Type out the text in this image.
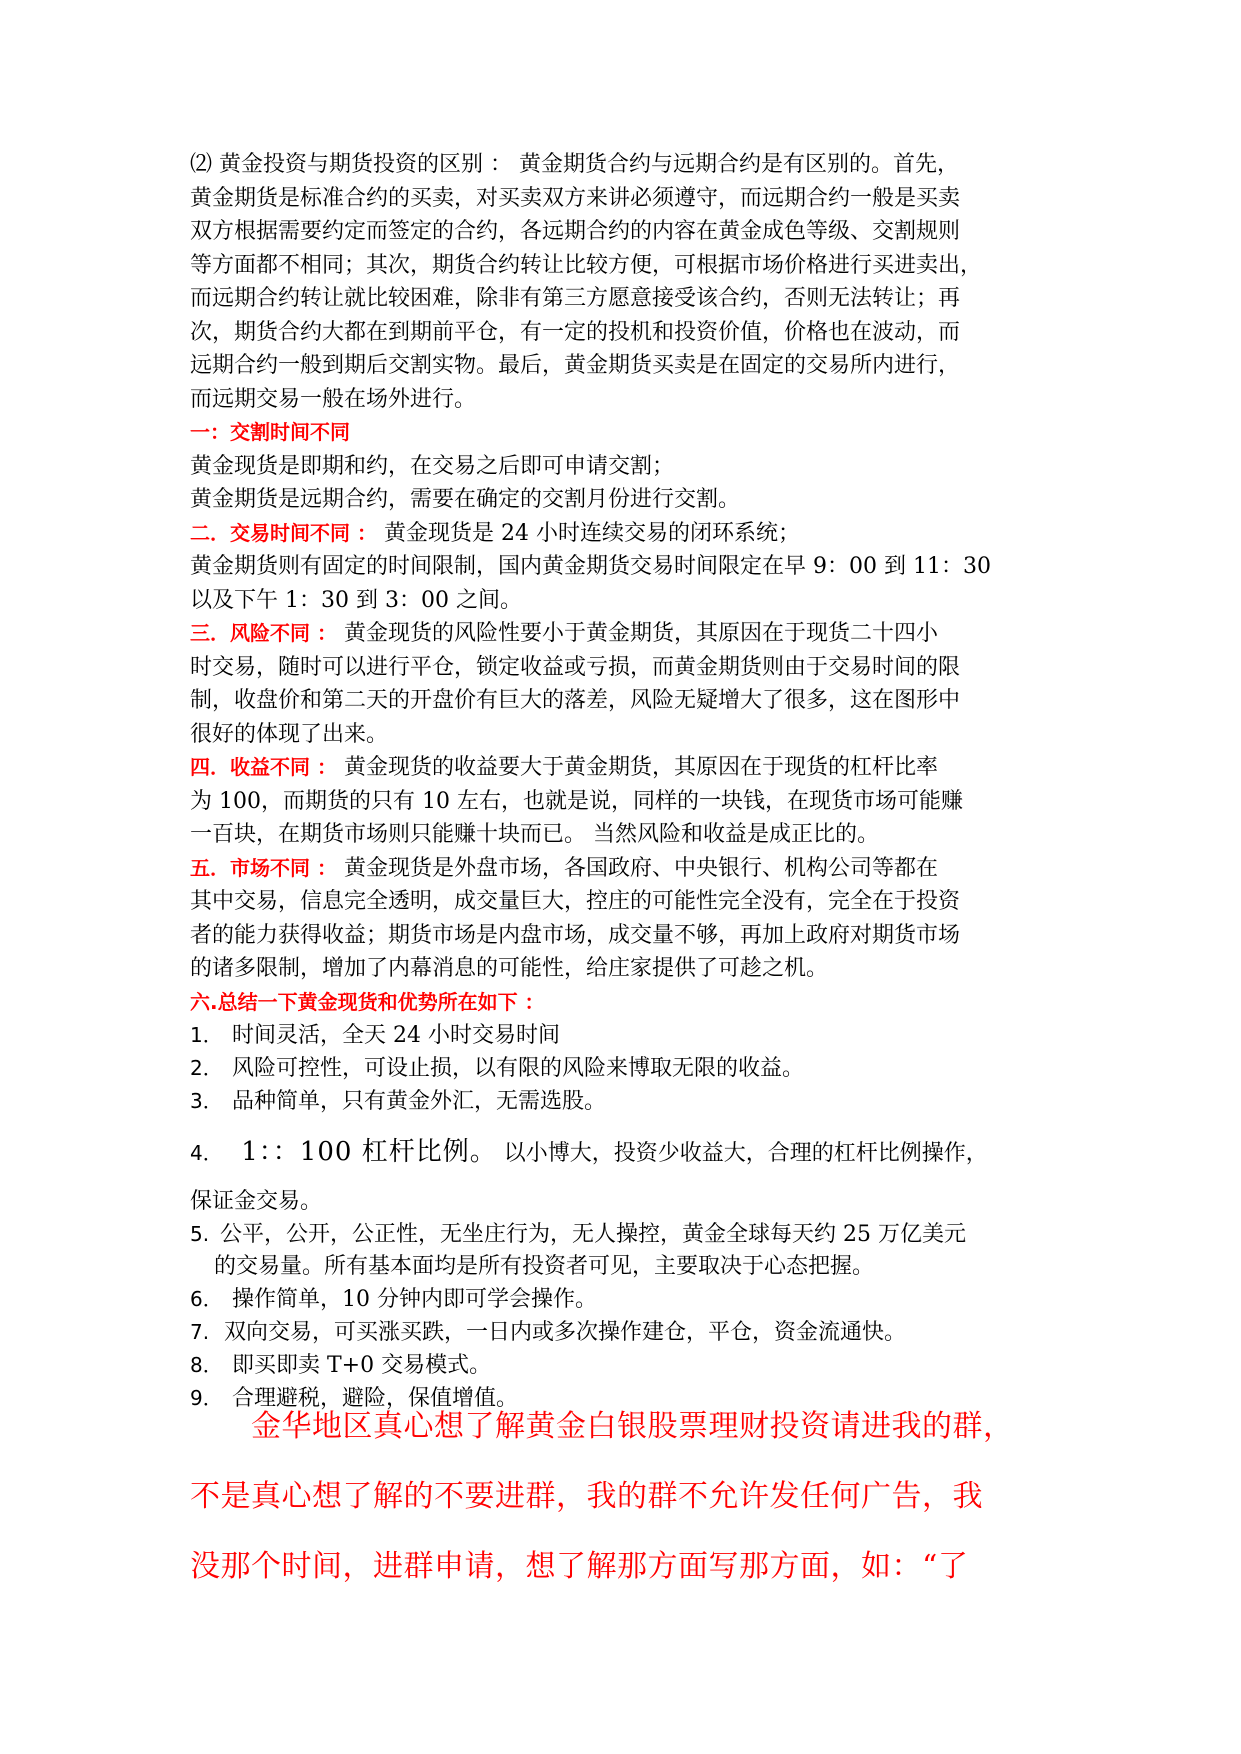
⑵ 黄金投资与期货投资的区别 ： 黄金期货合约与远期合约是有区别的。首先，

黄金期货是标准合约的买卖，对买卖双方来讲必须遵守，而远期合约一般是买卖

双方根据需要约定而签定的合约，各远期合约的内容在黄金成色等级、交割规则

等方面都不相同；其次，期货合约转让比较方便，可根据市场价格进行买进卖出，

而远期合约转让就比较困难，除非有第三方愿意接受该合约，否则无法转让；再

次，期货合约大都在到期前平仓，有一定的投机和投资价值，价格也在波动，而

远期合约一般到期后交割实物。最后，黄金期货买卖是在固定的交易所内进行，

而远期交易一般在场外进行。

一：交割时间不同

黄金现货是即期和约，在交易之后即可申请交割；

黄金期货是远期合约，需要在确定的交割月份进行交割。

二．交易时间不同 ： 黄金现货是 24 小时连续交易的闭环系统；

黄金期货则有固定的时间限制，国内黄金期货交易时间限定在早 9：00 到 11：30

以及下午 1：30 到 3：00 之间。

三．风险不同 ： 黄金现货的风险性要小于黄金期货，其原因在于现货二十四小

时交易，随时可以进行平仓，锁定收益或亏损，而黄金期货则由于交易时间的限

制，收盘价和第二天的开盘价有巨大的落差，风险无疑增大了很多，这在图形中

很好的体现了出来。

四．收益不同 ： 黄金现货的收益要大于黄金期货，其原因在于现货的杠杆比率

为 100，而期货的只有 10 左右，也就是说，同样的一块钱，在现货市场可能赚

一百块，在期货市场则只能赚十块而已。 当然风险和收益是成正比的。

五．市场不同 ： 黄金现货是外盘市场，各国政府、中央银行、机构公司等都在

其中交易，信息完全透明，成交量巨大，控庄的可能性完全没有，完全在于投资

者的能力获得收益；期货市场是内盘市场，成交量不够，再加上政府对期货市场

的诸多限制，增加了内幕消息的可能性，给庄家提供了可趁之机。

六.总结一下黄金现货和优势所在如下 ：

1． 时间灵活，全天 24 小时交易时间

2． 风险可控性，可设止损，以有限的风险来博取无限的收益。

3． 品种简单，只有黄金外汇，无需选股。

4． 1：：100 杠杆比例。 以小博大，投资少收益大，合理的杠杆比例操作，

保证金交易。

5. 公平，公开，公正性，无坐庄行为，无人操控，黄金全球每天约 25 万亿美元

的交易量。所有基本面均是所有投资者可见，主要取决于心态把握。

6． 操作简单，10 分钟内即可学会操作。

7. 双向交易，可买涨买跌，一日内或多次操作建仓，平仓，资金流通快。

8． 即买即卖 T+0 交易模式。

9． 合理避税，避险，保值增值。

　　金华地区真心想了解黄金白银股票理财投资请进我的群，

不是真心想了解的不要进群，我的群不允许发任何广告，我

没那个时间，进群申请，想了解那方面写那方面，如：“了
